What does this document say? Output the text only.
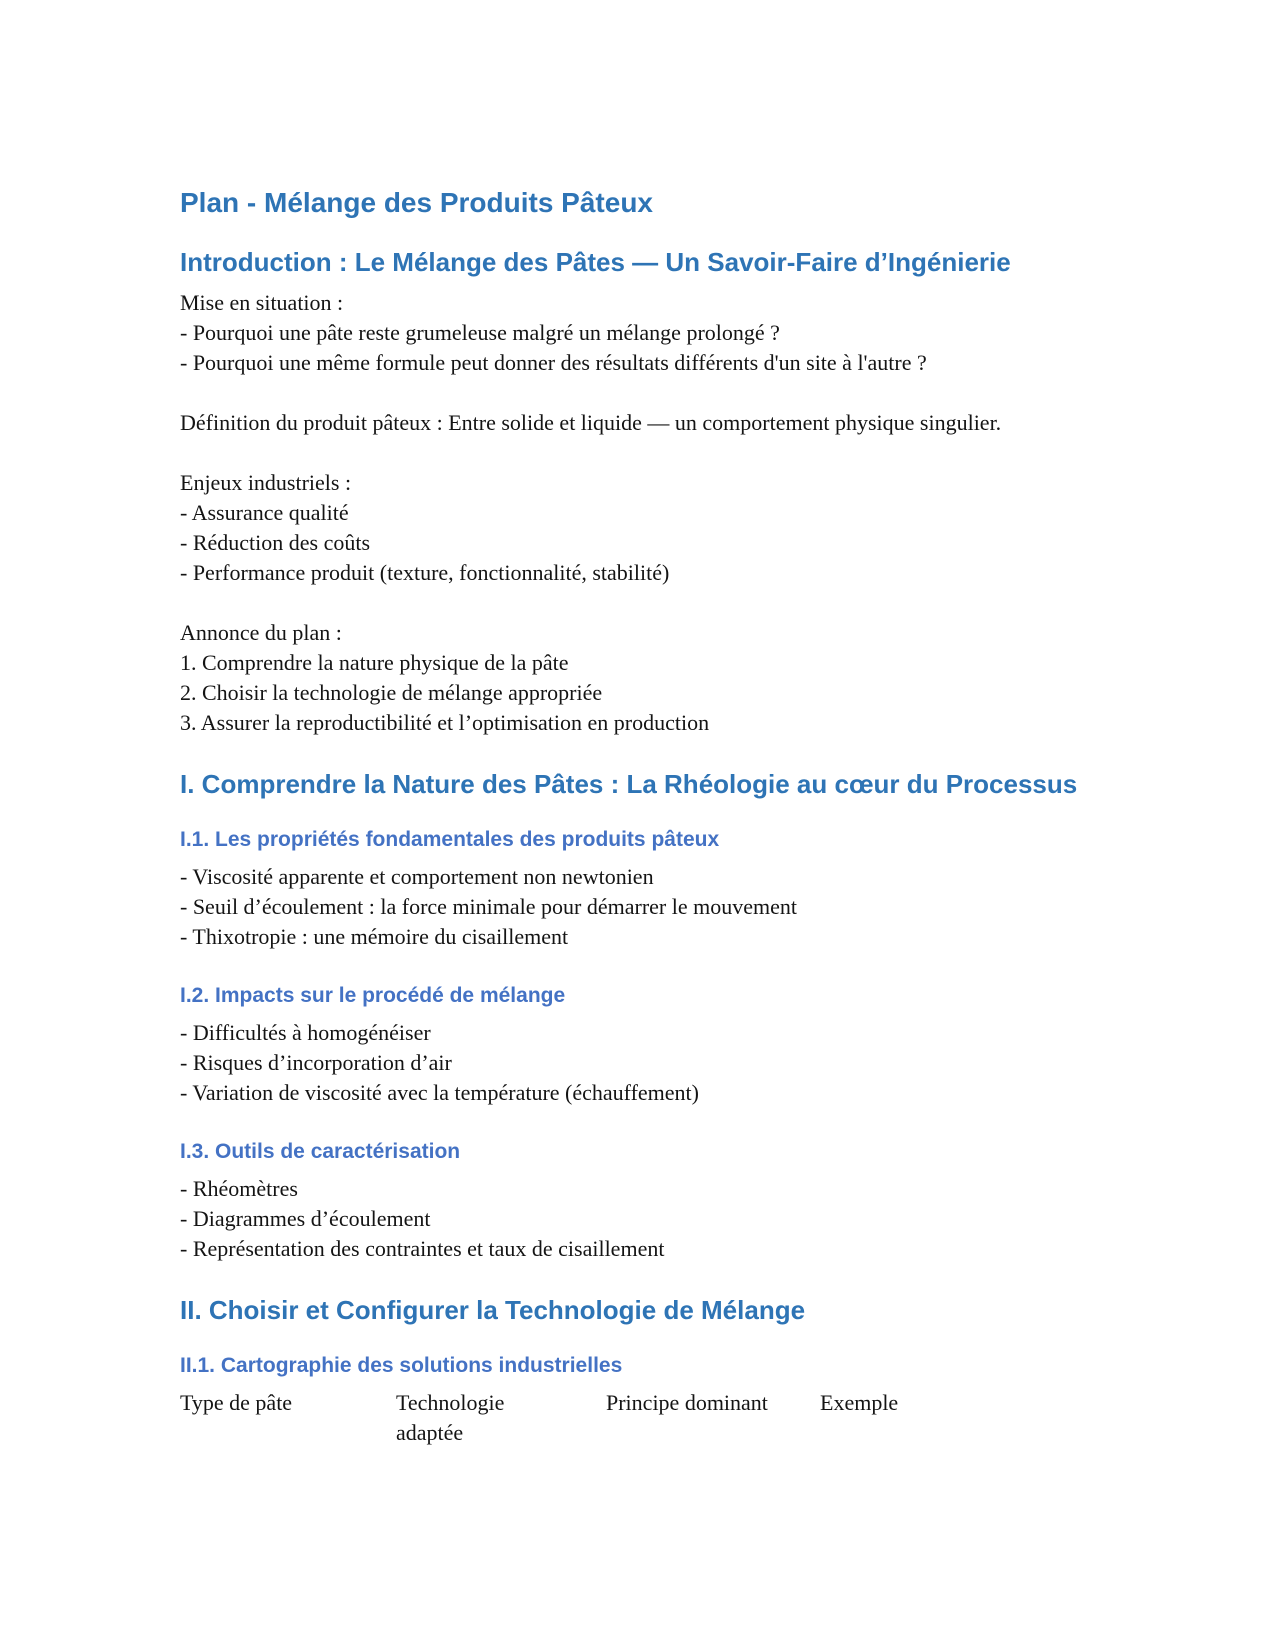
Plan - Mélange des Produits Pâteux
Introduction : Le Mélange des Pâtes — Un Savoir-Faire d’Ingénierie

Mise en situation :
- Pourquoi une pâte reste grumeleuse malgré un mélange prolongé ?
- Pourquoi une même formule peut donner des résultats différents d'un site à l'autre ?

Définition du produit pâteux : Entre solide et liquide — un comportement physique singulier.

Enjeux industriels :
- Assurance qualité
- Réduction des coûts
- Performance produit (texture, fonctionnalité, stabilité)

Annonce du plan :
1. Comprendre la nature physique de la pâte
2. Choisir la technologie de mélange appropriée
3. Assurer la reproductibilité et l’optimisation en production

I. Comprendre la Nature des Pâtes : La Rhéologie au cœur du Processus
I.1. Les propriétés fondamentales des produits pâteux

- Viscosité apparente et comportement non newtonien
- Seuil d’écoulement : la force minimale pour démarrer le mouvement
- Thixotropie : une mémoire du cisaillement

I.2. Impacts sur le procédé de mélange

- Difficultés à homogénéiser
- Risques d’incorporation d’air
- Variation de viscosité avec la température (échauffement)

I.3. Outils de caractérisation

- Rhéomètres
- Diagrammes d’écoulement
- Représentation des contraintes et taux de cisaillement

II. Choisir et Configurer la Technologie de Mélange
II.1. Cartographie des solutions industrielles
Type de pâte	Technologie adaptée
Principe dominant	Exemple
